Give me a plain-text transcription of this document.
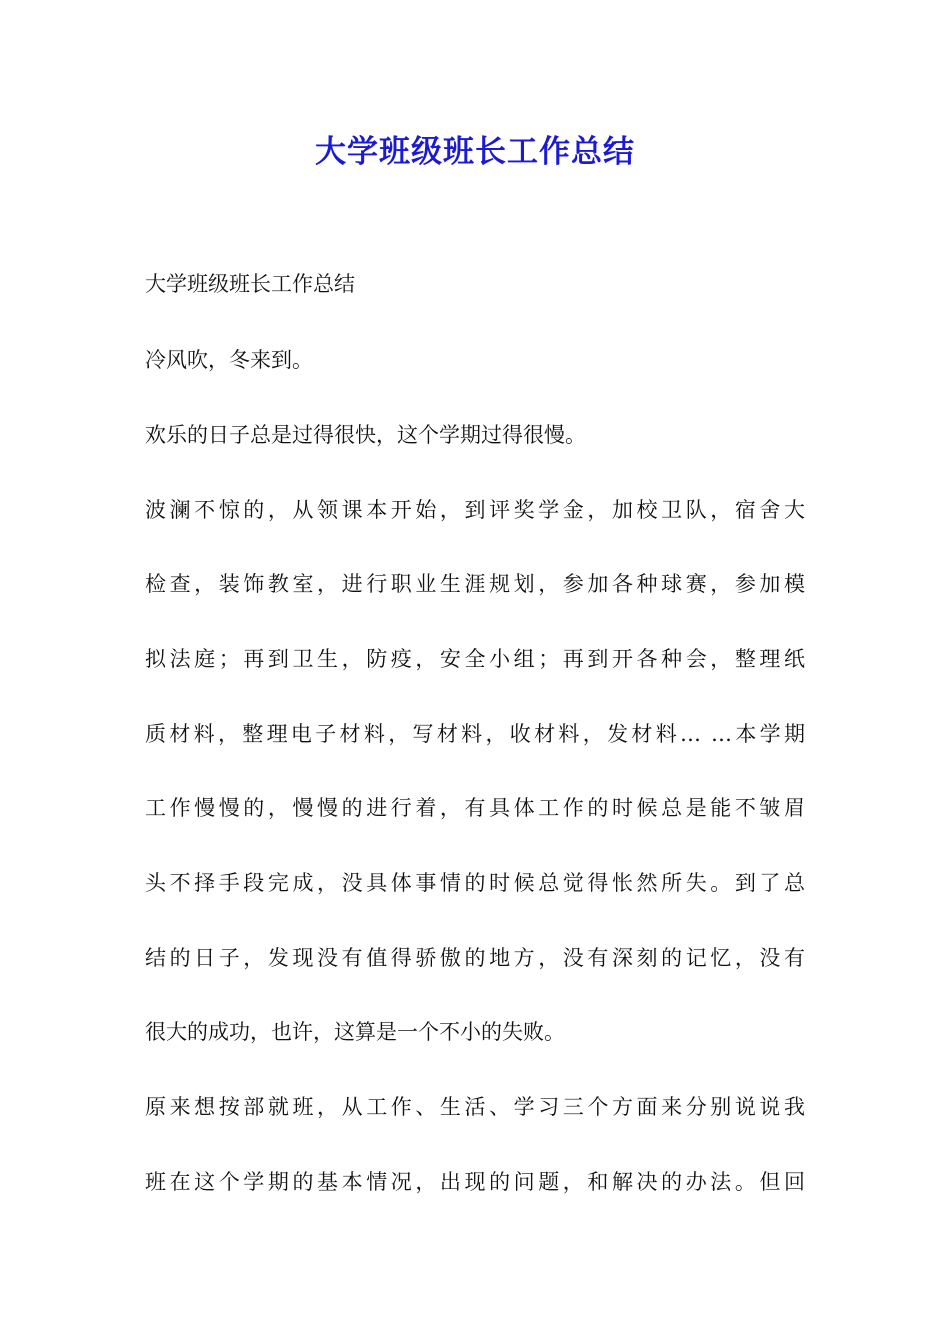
大学班级班长工作总结
大学班级班长工作总结
冷风吹，冬来到。
欢乐的日子总是过得很快，这个学期过得很慢。
波澜不惊的，从领课本开始，到评奖学金，加校卫队，宿舍大
检查，装饰教室，进行职业生涯规划，参加各种球赛，参加模
拟法庭；再到卫生，防疫，安全小组；再到开各种会，整理纸
质材料，整理电子材料，写材料，收材料，发材料… …本学期
工作慢慢的，慢慢的进行着，有具体工作的时候总是能不皱眉
头不择手段完成，没具体事情的时候总觉得怅然所失。到了总
结的日子，发现没有值得骄傲的地方，没有深刻的记忆，没有
很大的成功，也许，这算是一个不小的失败。
原来想按部就班，从工作、生活、学习三个方面来分别说说我
班在这个学期的基本情况，出现的问题，和解决的办法。但回
